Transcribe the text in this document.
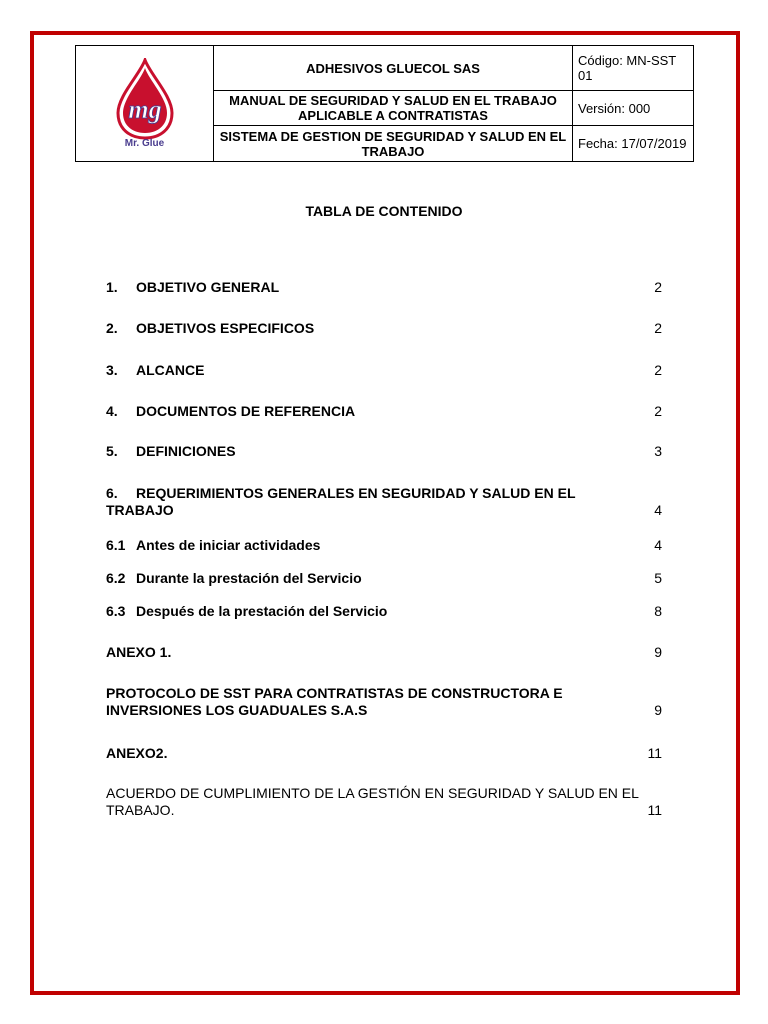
mg
Mr. Glue	ADHESIVOS GLUECOL SAS	Código: MN-SST 01
	MANUAL DE SEGURIDAD Y SALUD EN EL TRABAJO APLICABLE A CONTRATISTAS	Versión: 000
	SISTEMA DE GESTION DE SEGURIDAD Y SALUD EN EL TRABAJO	Fecha: 17/07/2019
TABLA DE CONTENIDO
1. OBJETIVO GENERAL	2
2. OBJETIVOS ESPECIFICOS	2
3. ALCANCE	2
4. DOCUMENTOS DE REFERENCIA	2
5. DEFINICIONES	3
6. REQUERIMIENTOS GENERALES EN SEGURIDAD Y SALUD EN EL TRABAJO	4
6.1 Antes de iniciar actividades	4
6.2 Durante la prestación del Servicio	5
6.3 Después de la prestación del Servicio	8
ANEXO 1.	9
PROTOCOLO DE SST PARA CONTRATISTAS DE CONSTRUCTORA E INVERSIONES LOS GUADUALES S.A.S	9
ANEXO2.	11
ACUERDO DE CUMPLIMIENTO DE LA GESTIÓN EN SEGURIDAD Y SALUD EN EL TRABAJO.	11
